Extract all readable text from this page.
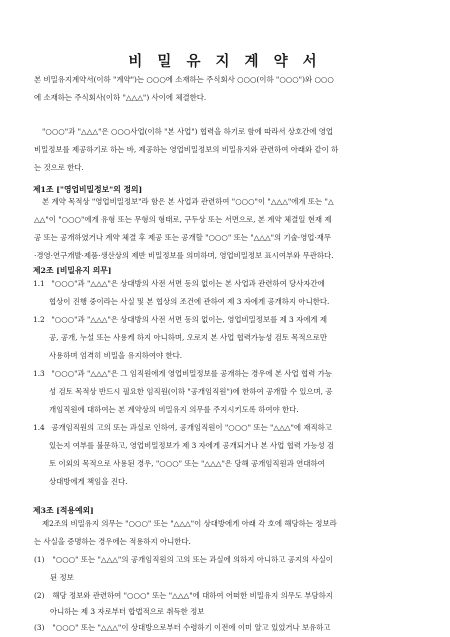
비 밀 유 지 계 약 서
본 비밀유지계약서(이하 "계약")는 ○○○에 소재하는 주식회사 ○○○(이하 "○○○")와 ○○○
에 소재하는 주식회사(이하 "△△△") 사이에 체결한다.
"○○○"과 "△△△"은 ○○○사업(이하 "본 사업") 협력을 하기로 함에 따라서 상호간에 영업
비밀정보를 제공하기로 하는 바, 제공하는 영업비밀정보의 비밀유지와 관련하여 아래와 같이 하
는 것으로 한다.
제1조 ["영업비밀정보"의 정의]
본 계약 목적상 "영업비밀정보"라 함은 본 사업과 관련하여 "○○○"이 "△△△"에게 또는 "△
△△"이 "○○○"에게 유형 또는 무형의 형태로, 구두상 또는 서면으로, 본 계약 체결일 현재 제
공 또는 공개하였거나 계약 체결 후 제공 또는 공개할 "○○○" 또는 "△△△"의 기술·영업·재무
·경영·연구개발·제품·생산상의 제반 비밀정보를 의미하며, 영업비밀정보 표시여부와 무관하다.
제2조 [비밀유지 의무]
1.1 "○○○"과 "△△△"은 상대방의 사전 서면 동의 없이는 본 사업과 관련하여 당사자간에
협상이 진행 중이라는 사실 및 본 협상의 조건에 관하여 제 3 자에게 공개하지 아니한다.
1.2 "○○○"과 "△△△"은 상대방의 사전 서면 동의 없이는, 영업비밀정보를 제 3 자에게 제
공, 공개, 누설 또는 사용케 하지 아니하며, 오로지 본 사업 협력가능성 검토 목적으로만
사용하며 엄격히 비밀을 유지하여야 한다.
1.3 "○○○"과 "△△△"은 그 임직원에게 영업비밀정보를 공개하는 경우에 본 사업 협력 가능
성 검토 목적상 반드시 필요한 임직원(이하 "공개임직원")에 한하여 공개할 수 있으며, 공
개임직원에 대하여는 본 계약상의 비밀유지 의무를 주지시키도록 하여야 한다.
1.4 공개임직원의 고의 또는 과실로 인하여, 공개임직원이 "○○○" 또는 "△△△"에 재직하고
있는지 여부를 불문하고, 영업비밀정보가 제 3 자에게 공개되거나 본 사업 협력 가능성 검
토 이외의 목적으로 사용된 경우, "○○○" 또는 "△△△"은 당해 공개임직원과 연대하여
상대방에게 책임을 진다.
제3조 [적용예외]
제2조의 비밀유지 의무는 "○○○" 또는 "△△△"이 상대방에게 아래 각 호에 해당하는 정보라
는 사실을 증명하는 경우에는 적용하지 아니한다.
(1) "○○○" 또는 "△△△"의 공개임직원의 고의 또는 과실에 의하지 아니하고 공지의 사실이
된 정보
(2) 해당 정보와 관련하여 "○○○" 또는 "△△△"에 대하여 어떠한 비밀유지 의무도 부담하지
아니하는 제 3 자로부터 합법적으로 취득한 정보
(3) "○○○" 또는 "△△△"이 상대방으로부터 수령하기 이전에 이미 알고 있었거나 보유하고
